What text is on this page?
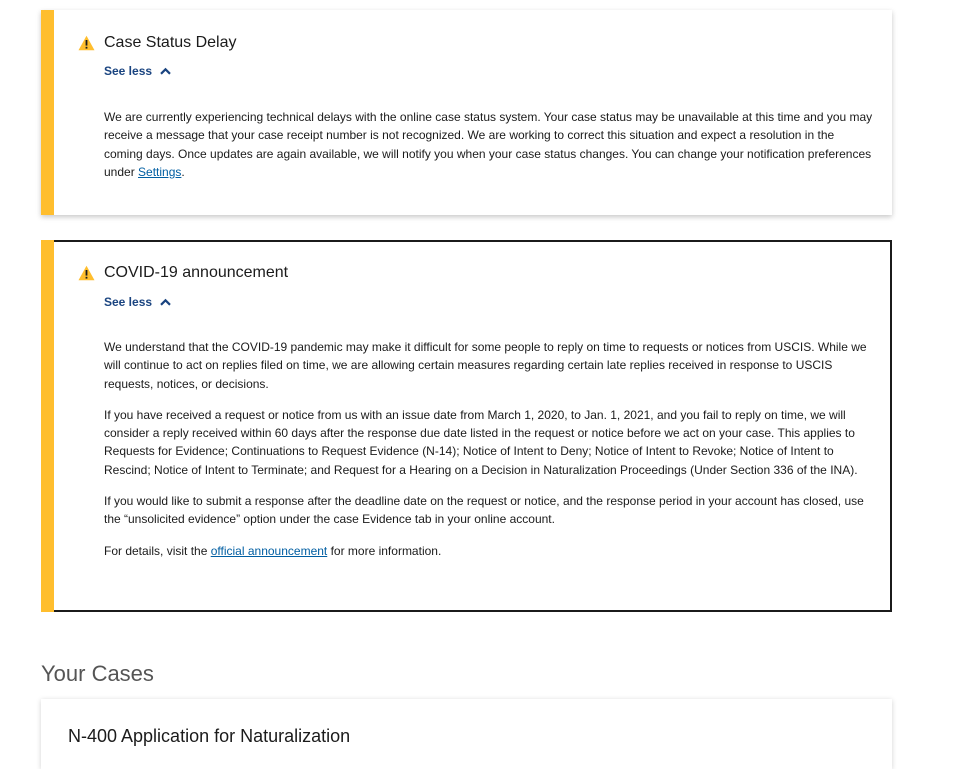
Case Status Delay
See less

We are currently experiencing technical delays with the online case status system. Your case status may be unavailable at this time and you may receive a message that your case receipt number is not recognized. We are working to correct this situation and expect a resolution in the coming days. Once updates are again available, we will notify you when your case status changes. You can change your notification preferences under Settings.

COVID-19 announcement
See less

We understand that the COVID-19 pandemic may make it difficult for some people to reply on time to requests or notices from USCIS. While we will continue to act on replies filed on time, we are allowing certain measures regarding certain late replies received in response to USCIS requests, notices, or decisions.

If you have received a request or notice from us with an issue date from March 1, 2020, to Jan. 1, 2021, and you fail to reply on time, we will consider a reply received within 60 days after the response due date listed in the request or notice before we act on your case. This applies to Requests for Evidence; Continuations to Request Evidence (N-14); Notice of Intent to Deny; Notice of Intent to Revoke; Notice of Intent to Rescind; Notice of Intent to Terminate; and Request for a Hearing on a Decision in Naturalization Proceedings (Under Section 336 of the INA).

If you would like to submit a response after the deadline date on the request or notice, and the response period in your account has closed, use the “unsolicited evidence” option under the case Evidence tab in your online account.

For details, visit the official announcement for more information.

Your Cases
N-400 Application for Naturalization
